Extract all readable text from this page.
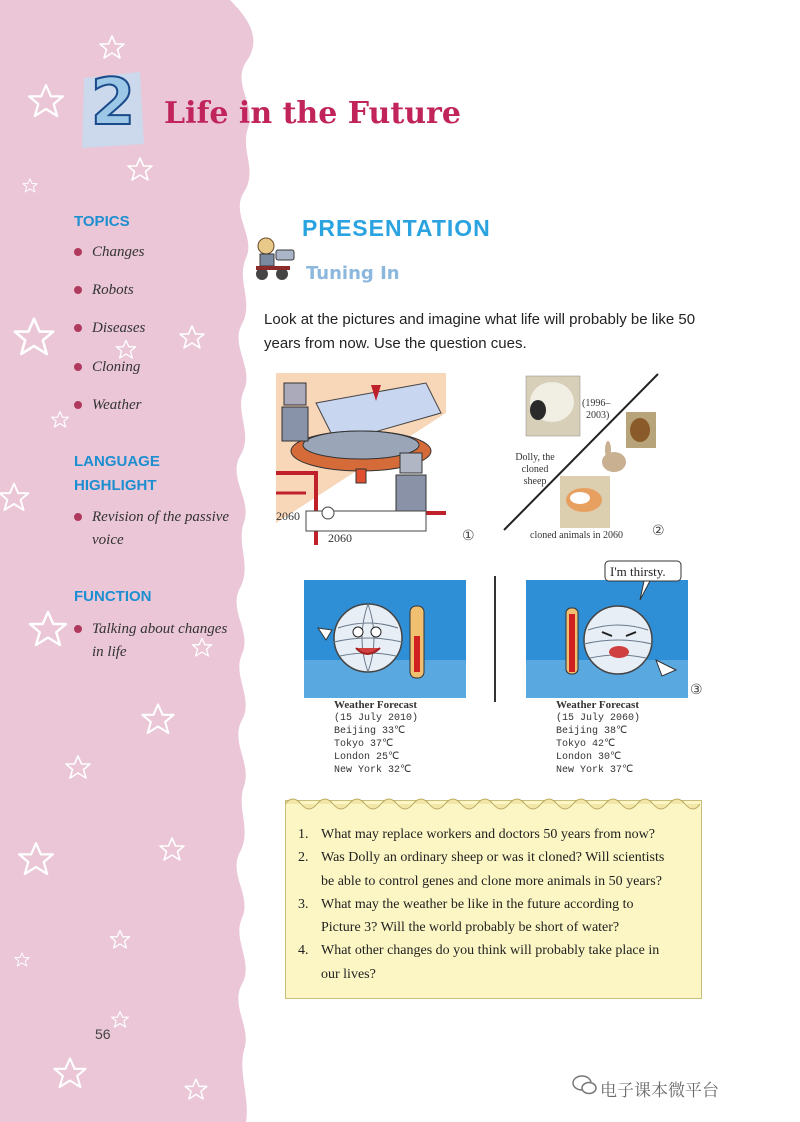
2 Life in the Future
TOPICS
Changes
Robots
Diseases
Cloning
Weather
LANGUAGE
HIGHLIGHT
Revision of the passive
voice
FUNCTION
Talking about changes
in life
PRESENTATION
Tuning In
Look at the pictures and imagine what life will probably be like 50
years from now. Use the question cues.
2060
2060	①
(1996–
2003)
Dolly, the
cloned
sheep
cloned animals in 2060 ②
I'm thirsty.
③
Weather Forecast
(15 July 2010)
Beijing 33℃
Tokyo 37℃
London 25℃
New York 32℃
Weather Forecast
(15 July 2060)
Beijing 38℃
Tokyo 42℃
London 30℃
New York 37℃
1. What may replace workers and doctors 50 years from now?
2. Was Dolly an ordinary sheep or was it cloned? Will scientists
be able to control genes and clone more animals in 50 years?
3. What may the weather be like in the future according to
Picture 3? Will the world probably be short of water?
4. What other changes do you think will probably take place in
our lives?
56
电子课本微平台
